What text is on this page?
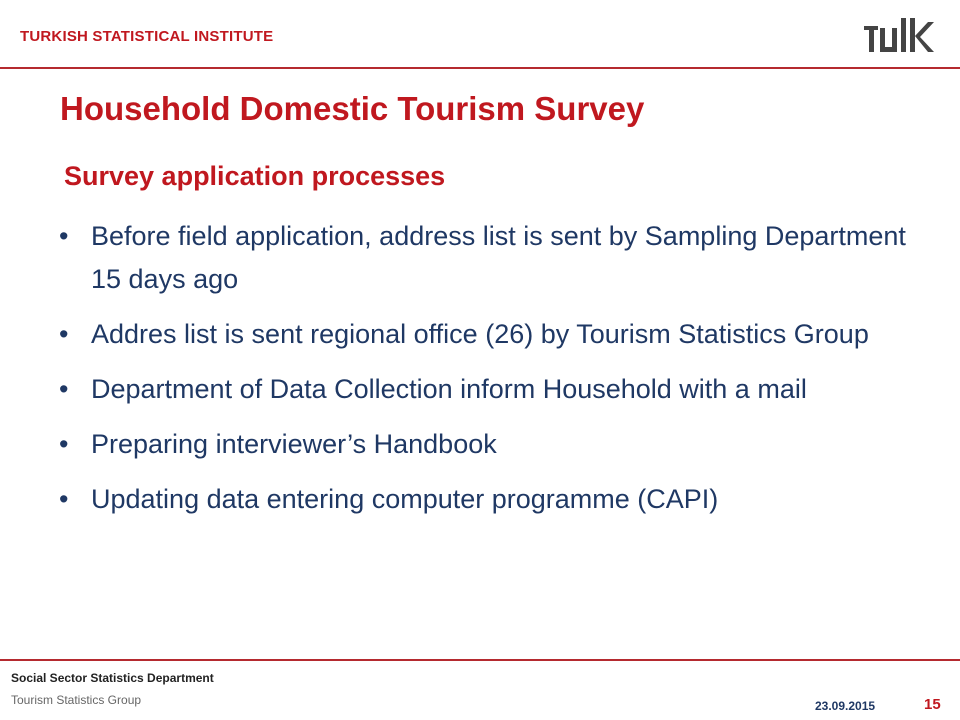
TURKISH STATISTICAL INSTITUTE
Household Domestic Tourism Survey
Survey application processes
• Before field application, address list is sent by Sampling Department 15 days ago
• Addres list is sent regional office (26) by Tourism Statistics Group
• Department of Data Collection inform Household with a mail
• Preparing interviewer’s Handbook
• Updating data entering computer programme (CAPI)
Social Sector Statistics Department
Tourism Statistics Group	23.09.2015	15
